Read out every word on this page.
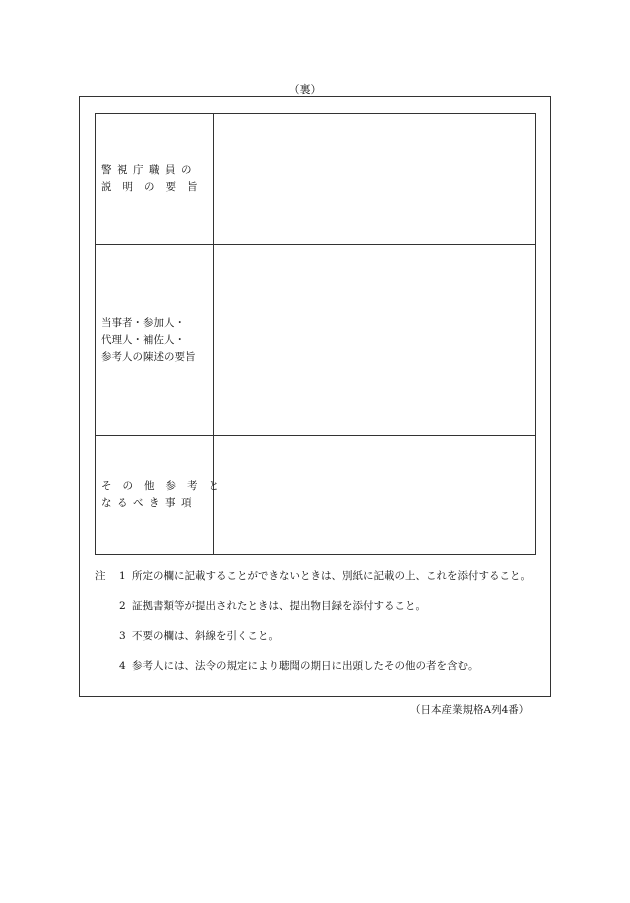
（裏）
警視庁職員の
説明の要旨
当事者・参加人・
代理人・補佐人・
参考人の陳述の要旨
その他参考と
なるべき事項
注 1 所定の欄に記載することができないときは、別紙に記載の上、これを添付すること。
2 証拠書類等が提出されたときは、提出物目録を添付すること。
3 不要の欄は、斜線を引くこと。
4 参考人には、法令の規定により聴聞の期日に出頭したその他の者を含む。
（日本産業規格A列4番）
